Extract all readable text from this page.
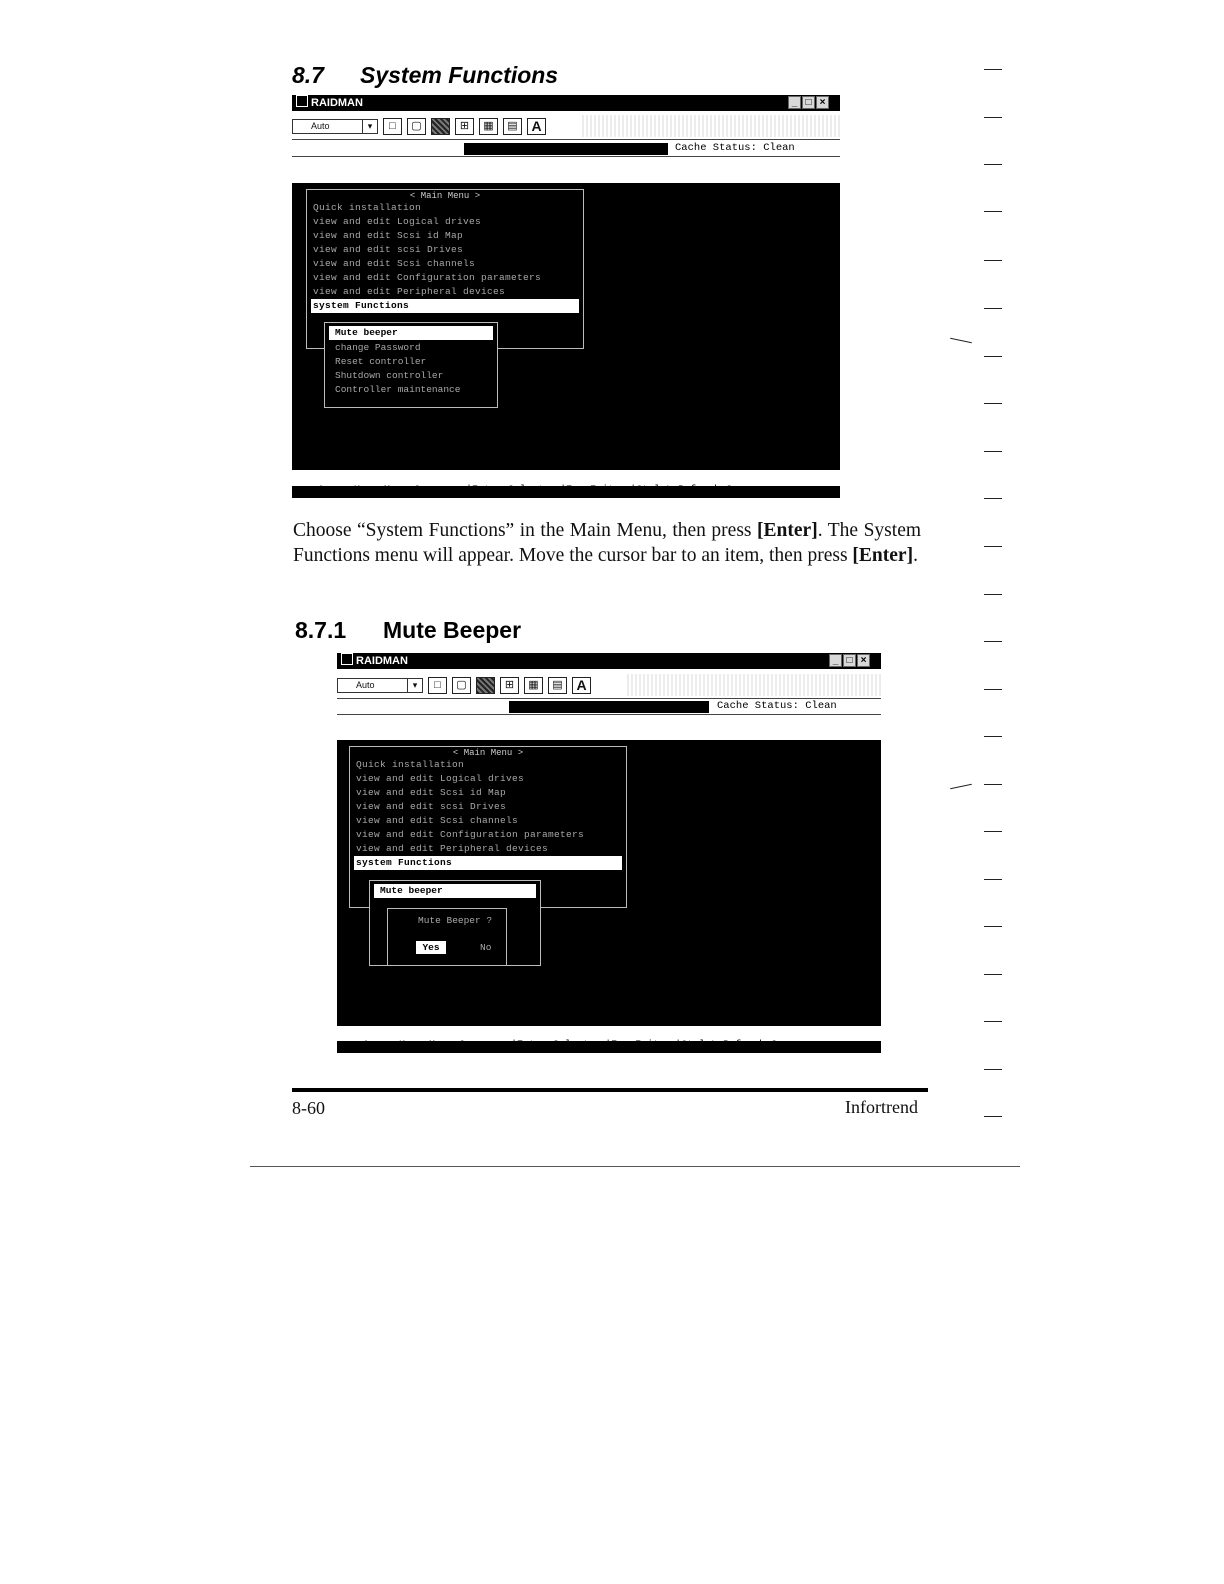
8.7 System Functions
RAIDMAN	_ □ ×
Auto	▾	□	▢	⊞	▦	▤ A
Cache Status: Clean
< Main Menu >
Quick installation
view and edit Logical drives
view and edit Scsi id Map
view and edit scsi Drives
view and edit Scsi channels
view and edit Configuration parameters
view and edit Peripheral devices
system Functions
Mute beeper
change Password
Reset controller
Shutdown controller
Controller maintenance

Choose “System Functions” in the Main Menu, then press [Enter]. The System Functions menu will appear. Move the cursor bar to an item, then press [Enter].

8.7.1 Mute Beeper
RAIDMAN	_ □ ×
Auto	▾	□	▢	⊞	▦	▤ A
Cache Status: Clean
< Main Menu >
Quick installation
view and edit Logical drives
view and edit Scsi id Map
view and edit scsi Drives
view and edit Scsi channels
view and edit Configuration parameters
view and edit Peripheral devices
system Functions
Mute beeper
Mute Beeper ?
Yes	No

8-60	Infortrend
